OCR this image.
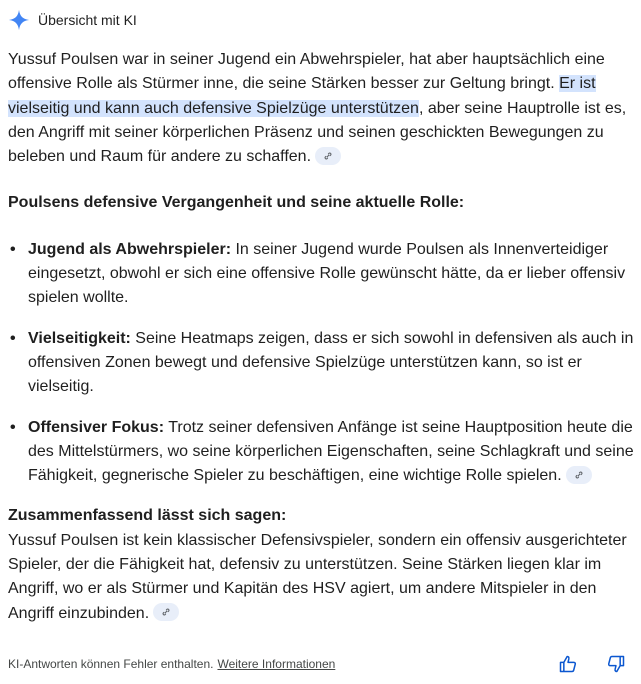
Übersicht mit KI

Yussuf Poulsen war in seiner Jugend ein Abwehrspieler, hat aber hauptsächlich eine offensive Rolle als Stürmer inne, die seine Stärken besser zur Geltung bringt. Er ist vielseitig und kann auch defensive Spielzüge unterstützen, aber seine Hauptrolle ist es, den Angriff mit seiner körperlichen Präsenz und seinen geschickten Bewegungen zu beleben und Raum für andere zu schaffen.

Poulsens defensive Vergangenheit und seine aktuelle Rolle:
• Jugend als Abwehrspieler: In seiner Jugend wurde Poulsen als Innenverteidiger eingesetzt, obwohl er sich eine offensive Rolle gewünscht hätte, da er lieber offensiv spielen wollte.
• Vielseitigkeit: Seine Heatmaps zeigen, dass er sich sowohl in defensiven als auch in offensiven Zonen bewegt und defensive Spielzüge unterstützen kann, so ist er vielseitig.
• Offensiver Fokus: Trotz seiner defensiven Anfänge ist seine Hauptposition heute die des Mittelstürmers, wo seine körperlichen Eigenschaften, seine Schlagkraft und seine Fähigkeit, gegnerische Spieler zu beschäftigen, eine wichtige Rolle spielen.
Zusammenfassend lässt sich sagen:

Yussuf Poulsen ist kein klassischer Defensivspieler, sondern ein offensiv ausgerichteter Spieler, der die Fähigkeit hat, defensiv zu unterstützen. Seine Stärken liegen klar im Angriff, wo er als Stürmer und Kapitän des HSV agiert, um andere Mitspieler in den Angriff einzubinden.

KI-Antworten können Fehler enthalten. Weitere Informationen
